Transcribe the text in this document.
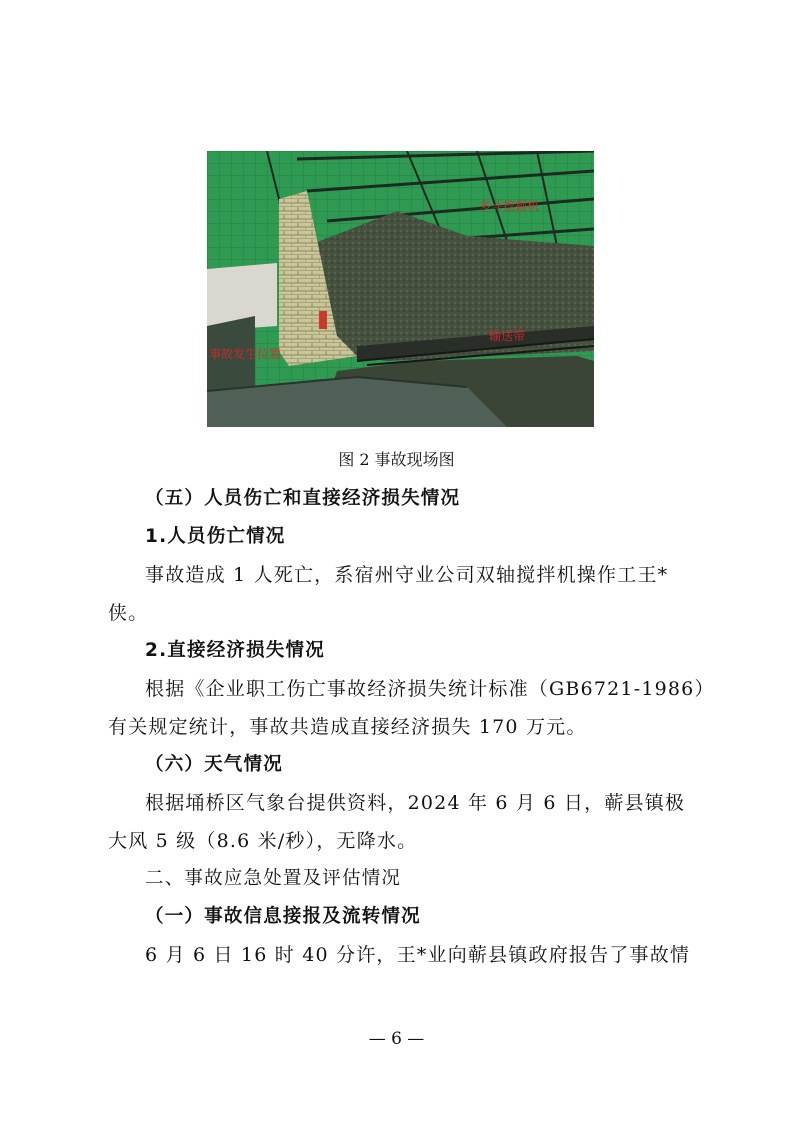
多斗挖掘机
输送带
事故发生位置
图 2 事故现场图
（五）人员伤亡和直接经济损失情况
1.人员伤亡情况
事故造成 1 人死亡，系宿州守业公司双轴搅拌机操作工王*
侠。
2.直接经济损失情况
根据《企业职工伤亡事故经济损失统计标准（GB6721-1986）
有关规定统计，事故共造成直接经济损失 170 万元。
（六）天气情况
根据埇桥区气象台提供资料，2024 年 6 月 6 日，蕲县镇极
大风 5 级（8.6 米/秒），无降水。
二、事故应急处置及评估情况
（一）事故信息接报及流转情况
6 月 6 日 16 时 40 分许，王*业向蕲县镇政府报告了事故情
— 6 —
